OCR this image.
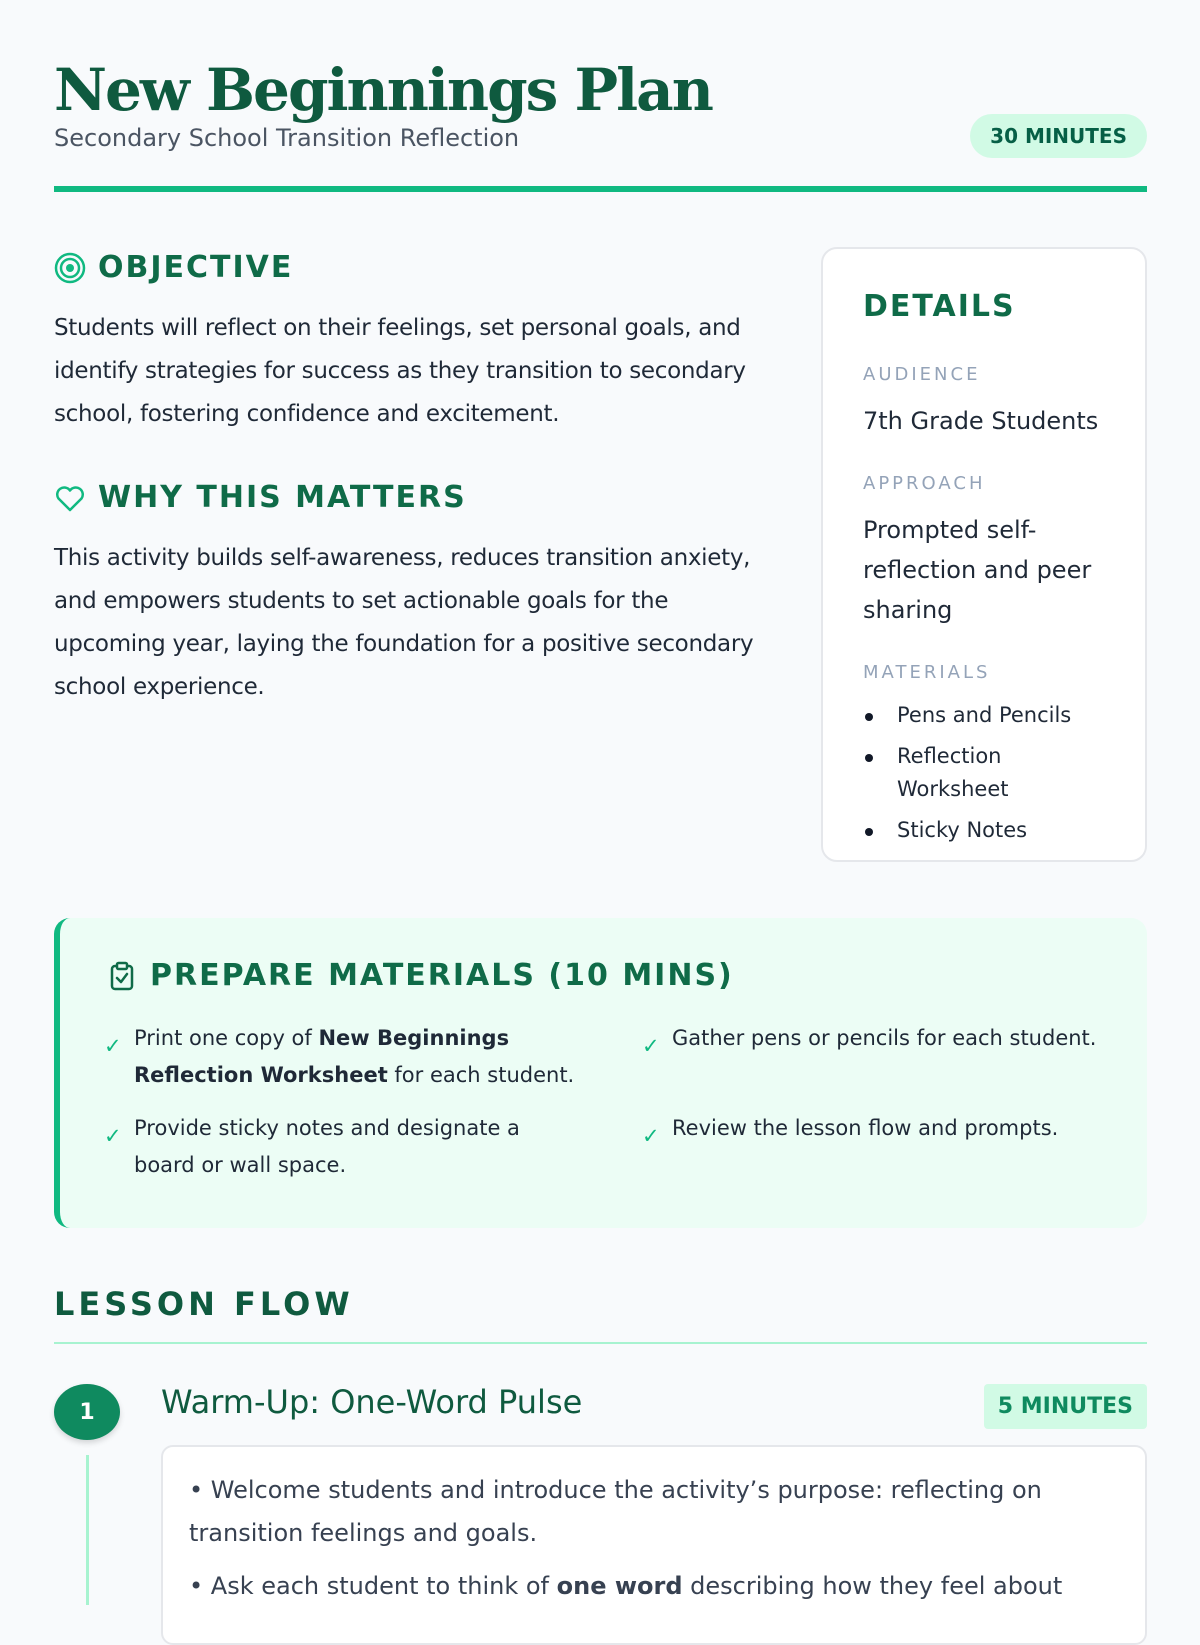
New Beginnings Plan
Secondary School Transition Reflection	30 MINUTES
OBJECTIVE
Students will reflect on their feelings, set personal goals, and identify strategies for success as they transition to secondary school, fostering confidence and excitement.
WHY THIS MATTERS
This activity builds self-awareness, reduces transition anxiety, and empowers students to set actionable goals for the upcoming year, laying the foundation for a positive secondary school experience.
DETAILS
AUDIENCE
7th Grade Students
APPROACH
Prompted self-reflection and peer sharing
MATERIALS
Pens and Pencils
Reflection Worksheet
Sticky Notes
PREPARE MATERIALS (10 MINS)
✓ Print one copy of New Beginnings Reflection Worksheet for each student.
✓ Gather pens or pencils for each student.
✓ Provide sticky notes and designate a board or wall space.
✓ Review the lesson flow and prompts.
LESSON FLOW
1	Warm-Up: One-Word Pulse	5 MINUTES

• Welcome students and introduce the activity’s purpose: reflecting on transition feelings and goals.

• Ask each student to think of one word describing how they feel about
